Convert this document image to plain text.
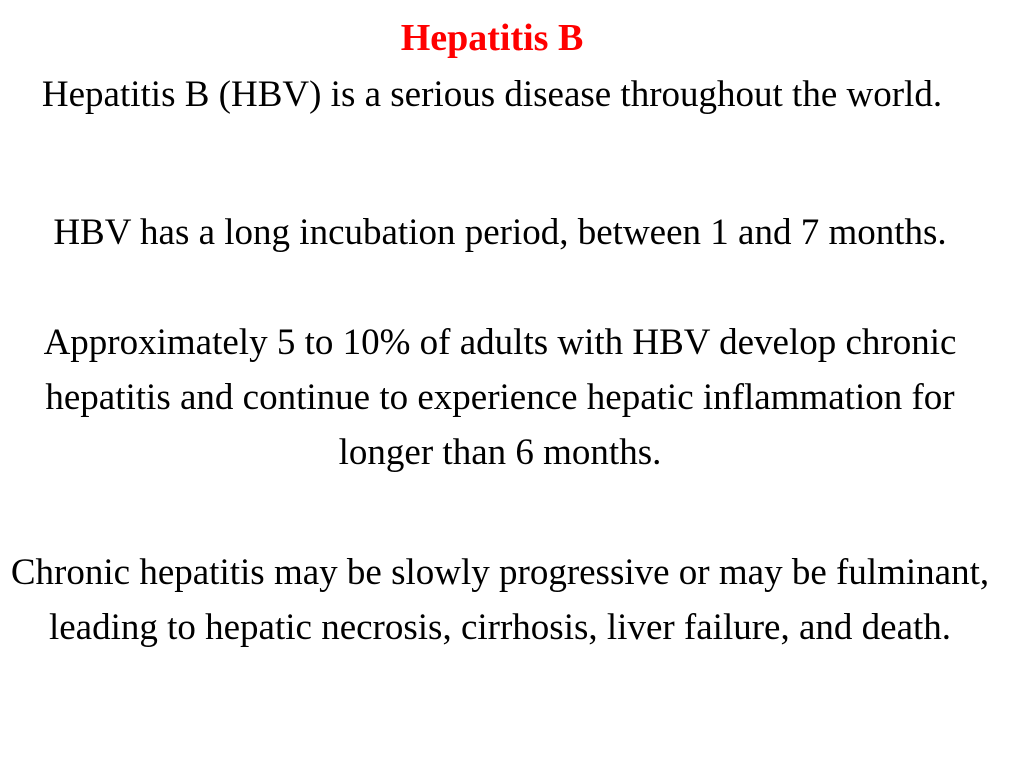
Hepatitis B
Hepatitis B (HBV) is a serious disease throughout the world.
HBV has a long incubation period, between 1 and 7 months.
Approximately 5 to 10% of adults with HBV develop chronic hepatitis and continue to experience hepatic inflammation for longer than 6 months.
Chronic hepatitis may be slowly progressive or may be fulminant, leading to hepatic necrosis, cirrhosis, liver failure, and death.
